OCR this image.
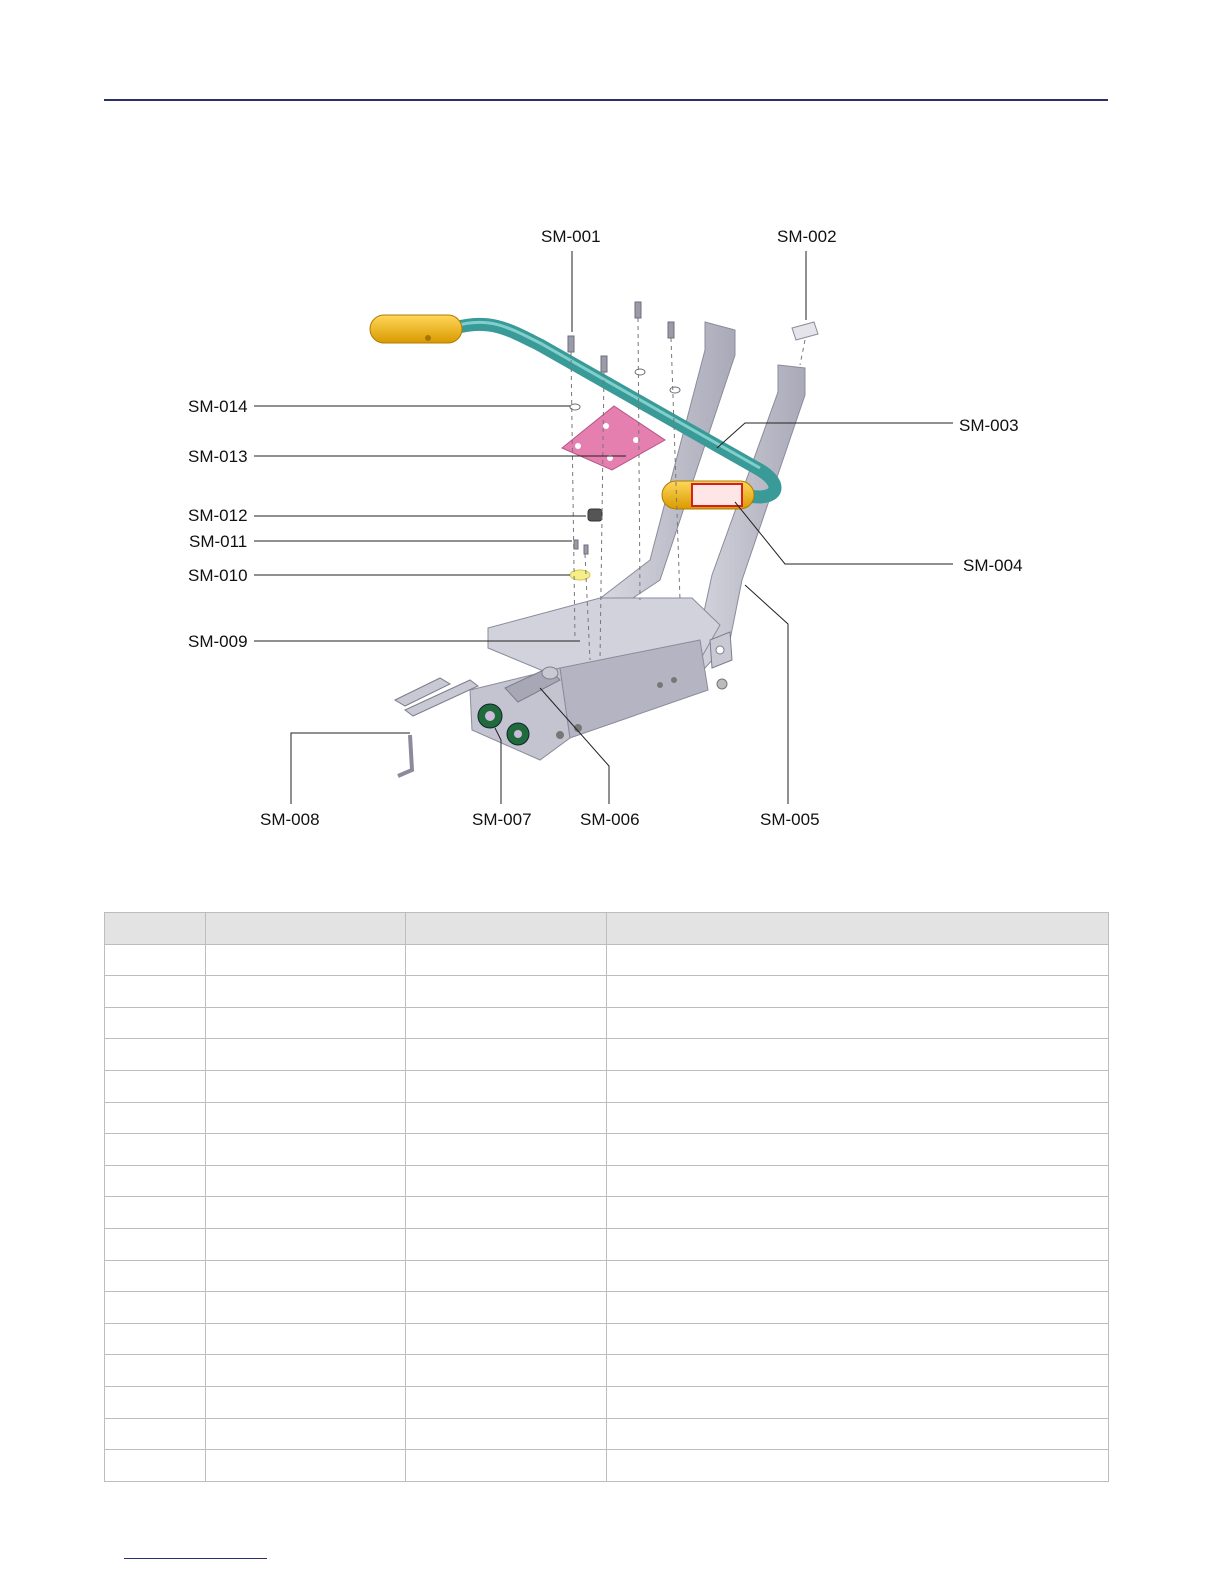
SM-001	SM-002
SM-003
SM-004
SM-005
SM-006
SM-007
SM-008
SM-009
SM-010
SM-011
SM-012
SM-013
SM-014
